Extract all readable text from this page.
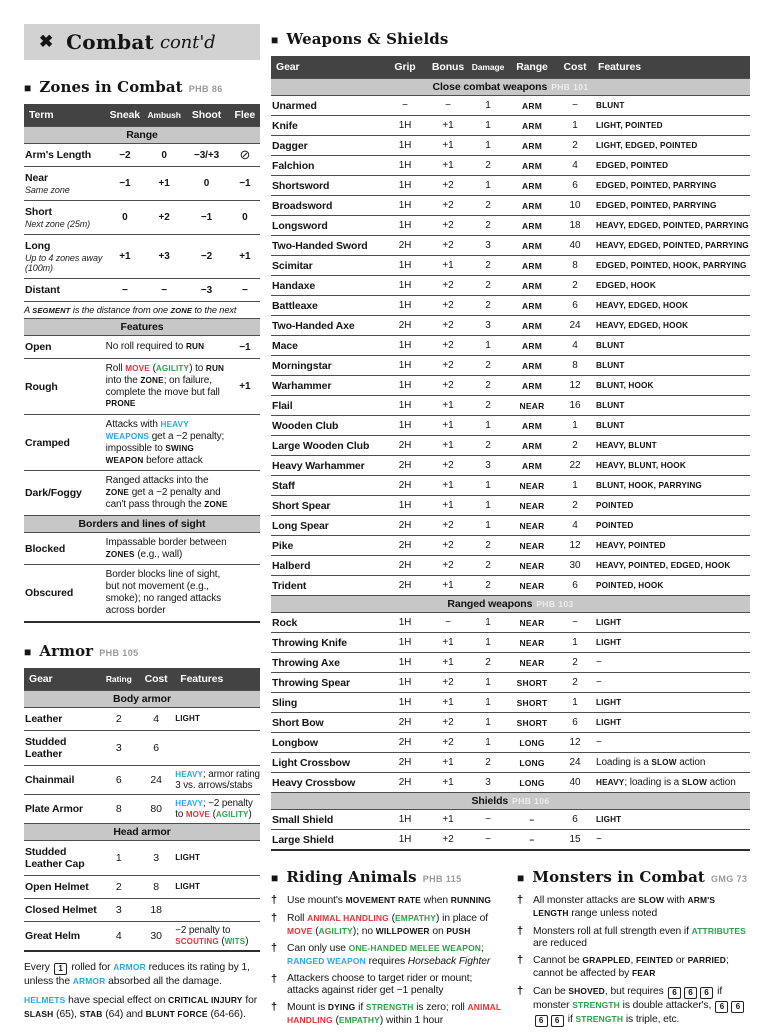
✖ Combat cont'd
■ Zones in Combat PHB 86
Term	Sneak	Ambush	Shoot	Flee
Range				

Arm's Length	−2	0	−3/+3	⊘

Near
Same zone	−1	+1	0	−1

Short
Next zone (25m)	0	+2	−1	0

Long
Up to 4 zones away (100m)	+1	+3	−2	+1

Distant	−	−	−3	−
A SEGMENT is the distance from one ZONE to the next				
Features				
Open	No roll required to RUN			−1
Rough	Roll MOVE (AGILITY) to RUN into the ZONE; on failure, complete the move but fall PRONE			+1
Cramped	Attacks with HEAVY WEAPONS get a −2 penalty; impossible to SWING WEAPON before attack			
Dark/Foggy	Ranged attacks into the ZONE get a −2 penalty and can't pass through the ZONE			
Borders and lines of sight				
Blocked	Impassable border between ZONES (e.g., wall)			
Obscured	Border blocks line of sight, but not movement (e.g., smoke); no ranged attacks across border			
■ Armor PHB 105
Gear	Rating	Cost	Features
Body armor			
Leather	2	4	LIGHT
Studded Leather	3	6	
Chainmail	6	24	HEAVY; armor rating 3 vs. arrows/stabs
Plate Armor	8	80	HEAVY; −2 penalty to MOVE (AGILITY)
Head armor			
Studded Leather Cap	1	3	LIGHT
Open Helmet	2	8	LIGHT
Closed Helmet	3	18	
Great Helm	4	30	−2 penalty to SCOUTING (WITS)

Every 1 rolled for ARMOR reduces its rating by 1, unless the ARMOR absorbed all the damage.

HELMETS have special effect on CRITICAL INJURY for SLASH (65), STAB (64) and BLUNT FORCE (64-66).

■ Weapons & Shields
Gear	Grip	Bonus	Damage	Range	Cost	Features
Close combat weapons PHB 101						
Unarmed	−	−	1	ARM	−	BLUNT
Knife	1H	+1	1	ARM	1	LIGHT, POINTED
Dagger	1H	+1	1	ARM	2	LIGHT, EDGED, POINTED
Falchion	1H	+1	2	ARM	4	EDGED, POINTED
Shortsword	1H	+2	1	ARM	6	EDGED, POINTED, PARRYING
Broadsword	1H	+2	2	ARM	10	EDGED, POINTED, PARRYING
Longsword	1H	+2	2	ARM	18	HEAVY, EDGED, POINTED, PARRYING
Two-Handed Sword	2H	+2	3	ARM	40	HEAVY, EDGED, POINTED, PARRYING
Scimitar	1H	+1	2	ARM	8	EDGED, POINTED, HOOK, PARRYING
Handaxe	1H	+2	2	ARM	2	EDGED, HOOK
Battleaxe	1H	+2	2	ARM	6	HEAVY, EDGED, HOOK
Two-Handed Axe	2H	+2	3	ARM	24	HEAVY, EDGED, HOOK
Mace	1H	+2	1	ARM	4	BLUNT
Morningstar	1H	+2	2	ARM	8	BLUNT
Warhammer	1H	+2	2	ARM	12	BLUNT, HOOK
Flail	1H	+1	2	NEAR	16	BLUNT
Wooden Club	1H	+1	1	ARM	1	BLUNT
Large Wooden Club	2H	+1	2	ARM	2	HEAVY, BLUNT
Heavy Warhammer	2H	+2	3	ARM	22	HEAVY, BLUNT, HOOK
Staff	2H	+1	1	NEAR	1	BLUNT, HOOK, PARRYING
Short Spear	1H	+1	1	NEAR	2	POINTED
Long Spear	2H	+2	1	NEAR	4	POINTED
Pike	2H	+2	2	NEAR	12	HEAVY, POINTED
Halberd	2H	+2	2	NEAR	30	HEAVY, POINTED, EDGED, HOOK
Trident	2H	+1	2	NEAR	6	POINTED, HOOK
Ranged weapons PHB 103						
Rock	1H	−	1	NEAR	−	LIGHT
Throwing Knife	1H	+1	1	NEAR	1	LIGHT
Throwing Axe	1H	+1	2	NEAR	2	−
Throwing Spear	1H	+2	1	SHORT	2	−
Sling	1H	+1	1	SHORT	1	LIGHT
Short Bow	2H	+2	1	SHORT	6	LIGHT
Longbow	2H	+2	1	LONG	12	−
Light Crossbow	2H	+1	2	LONG	24	Loading is a SLOW action
Heavy Crossbow	2H	+1	3	LONG	40	HEAVY; loading is a SLOW action
Shields PHB 106						
Small Shield	1H	+1	−	−	6	LIGHT
Large Shield	1H	+2	−	−	15	−
■ Riding Animals PHB 115
† Use mount's MOVEMENT RATE when RUNNING
† Roll ANIMAL HANDLING (EMPATHY) in place of MOVE (AGILITY); no WILLPOWER on PUSH
† Can only use ONE-HANDED MELEE WEAPON; RANGED WEAPON requires Horseback Fighter
† Attackers choose to target rider or mount; attacks against rider get −1 penalty
† Mount is DYING if STRENGTH is zero; roll ANIMAL HANDLING (EMPATHY) within 1 hour
■ Monsters in Combat GMG 73
† All monster attacks are SLOW with ARM'S LENGTH range unless noted
† Monsters roll at full strength even if ATTRIBUTES are reduced
† Cannot be GRAPPLED, FEINTED or PARRIED; cannot be affected by FEAR
† Can be SHOVED, but requires 6 6 6 if monster STRENGTH is double attacker's, 6 66 6 if STRENGTH is triple, etc.
